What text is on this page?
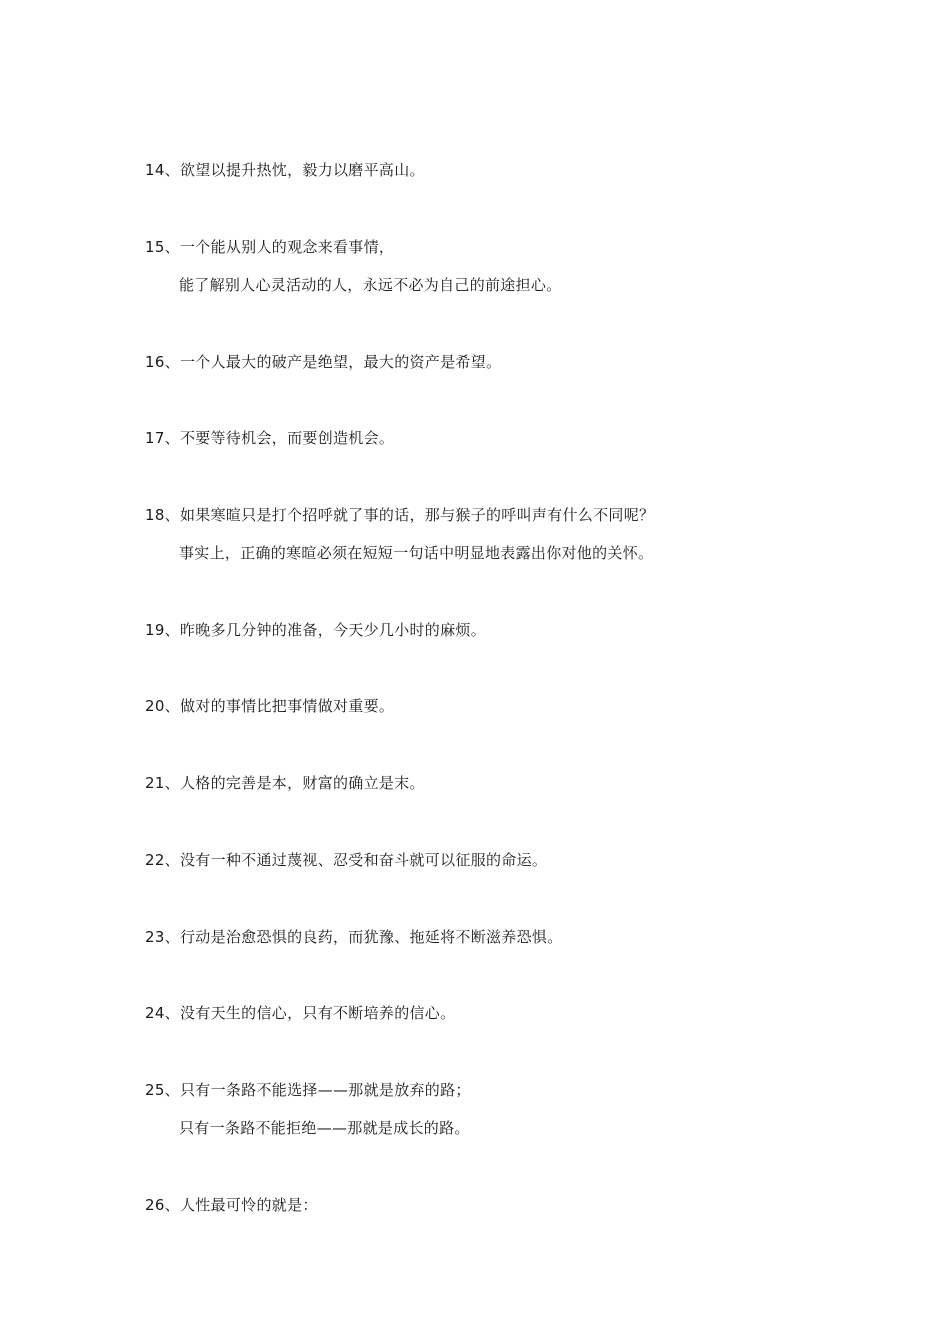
14、欲望以提升热忱，毅力以磨平高山。
15、一个能从别人的观念来看事情，
能了解别人心灵活动的人，永远不必为自己的前途担心。
16、一个人最大的破产是绝望，最大的资产是希望。
17、不要等待机会，而要创造机会。
18、如果寒暄只是打个招呼就了事的话，那与猴子的呼叫声有什么不同呢？
事实上，正确的寒暄必须在短短一句话中明显地表露出你对他的关怀。
19、昨晚多几分钟的准备，今天少几小时的麻烦。
20、做对的事情比把事情做对重要。
21、人格的完善是本，财富的确立是末。
22、没有一种不通过蔑视、忍受和奋斗就可以征服的命运。
23、行动是治愈恐惧的良药，而犹豫、拖延将不断滋养恐惧。
24、没有天生的信心，只有不断培养的信心。
25、只有一条路不能选择——那就是放弃的路；
只有一条路不能拒绝——那就是成长的路。
26、人性最可怜的就是：
